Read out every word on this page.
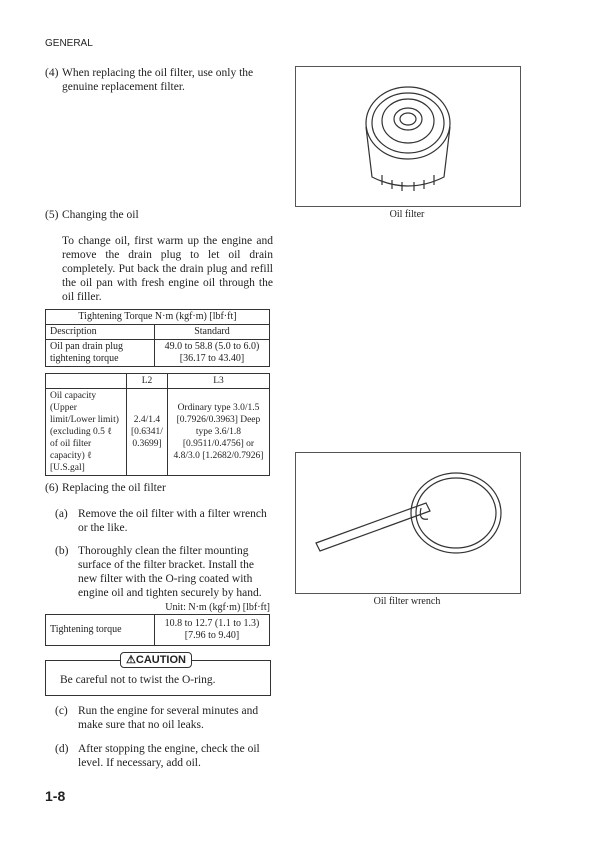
GENERAL
(4) When replacing the oil filter, use only the genuine replacement filter.
(5) Changing the oil
To change oil, first warm up the engine and remove the drain plug to let oil drain completely. Put back the drain plug and refill the oil pan with fresh engine oil through the oil filler.
Tightening Torque N·m (kgf·m) [lbf·ft]	
Description	Standard
Oil pan drain plug tightening torque	49.0 to 58.8 (5.0 to 6.0) [36.17 to 43.40]
	L2	L3
Oil capacity (Upper limit/Lower limit) (excluding 0.5 ℓ of oil filter capacity) ℓ [U.S.gal]	2.4/1.4 [0.6341/ 0.3699]	Ordinary type 3.0/1.5 [0.7926/0.3963] Deep type 3.6/1.8 [0.9511/0.4756] or 4.8/3.0 [1.2682/0.7926]
(6) Replacing the oil filter
(a) Remove the oil filter with a filter wrench or the like.
(b) Thoroughly clean the filter mounting surface of the filter bracket. Install the new filter with the O-ring coated with engine oil and tighten securely by hand.
Unit: N·m (kgf·m) [lbf·ft]
Tightening torque	10.8 to 12.7 (1.1 to 1.3) [7.96 to 9.40]
⚠CAUTION
Be careful not to twist the O-ring.
(c) Run the engine for several minutes and make sure that no oil leaks.
(d) After stopping the engine, check the oil level. If necessary, add oil.
Oil filter
Oil filter wrench
1-8
